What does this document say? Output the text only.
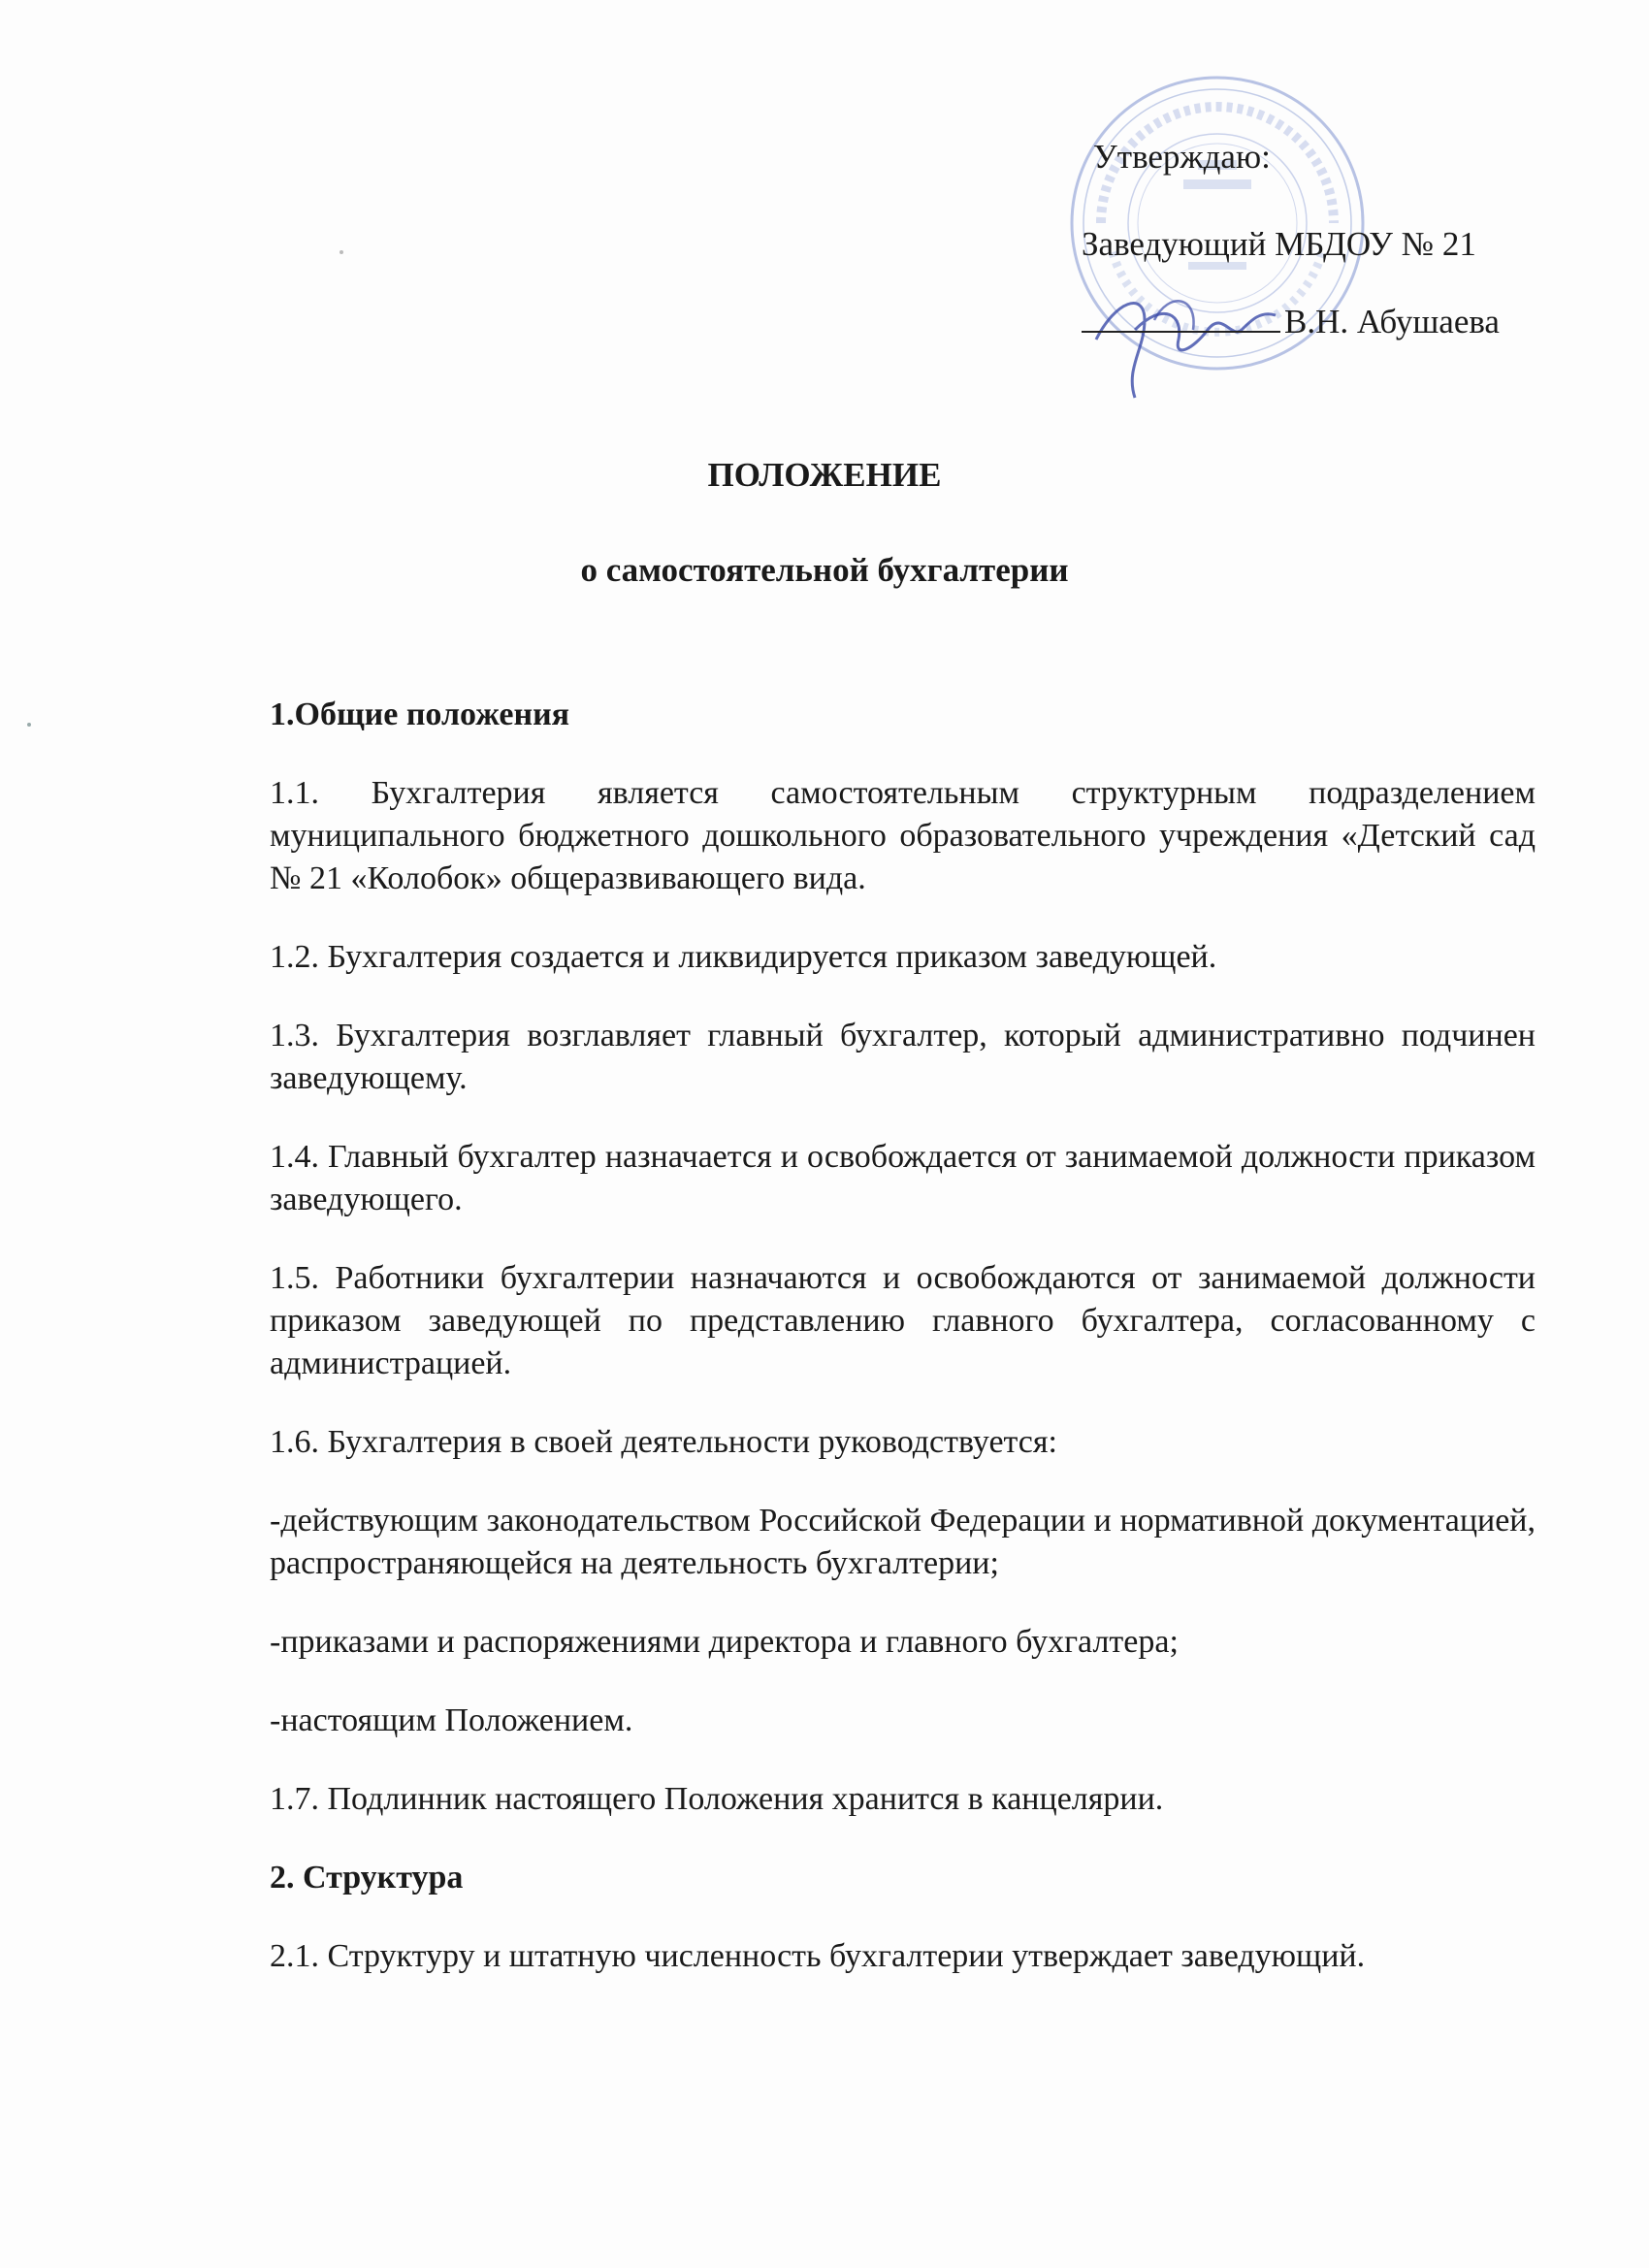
Утверждаю:
Заведующий МБДОУ № 21
В.Н. Абушаева
ПОЛОЖЕНИЕ
о самостоятельной бухгалтерии
1.Общие положения

1.1. Бухгалтерия является самостоятельным структурным подразделением муниципального бюджетного дошкольного образовательного учреждения «Детский сад № 21 «Колобок» общеразвивающего вида.

1.2. Бухгалтерия создается и ликвидируется приказом заведующей.

1.3. Бухгалтерия возглавляет главный бухгалтер, который административно подчинен заведующему.

1.4. Главный бухгалтер назначается и освобождается от занимаемой должности приказом заведующего.

1.5. Работники бухгалтерии назначаются и освобождаются от занимаемой должности приказом заведующей по представлению главного бухгалтера, согласованному с администрацией.

1.6. Бухгалтерия в своей деятельности руководствуется:

-действующим законодательством Российской Федерации и нормативной документацией, распространяющейся на деятельность бухгалтерии;

-приказами и распоряжениями директора и главного бухгалтера;

-настоящим Положением.

1.7. Подлинник настоящего Положения хранится в канцелярии.

2. Структура

2.1. Структуру и штатную численность бухгалтерии утверждает заведующий.
